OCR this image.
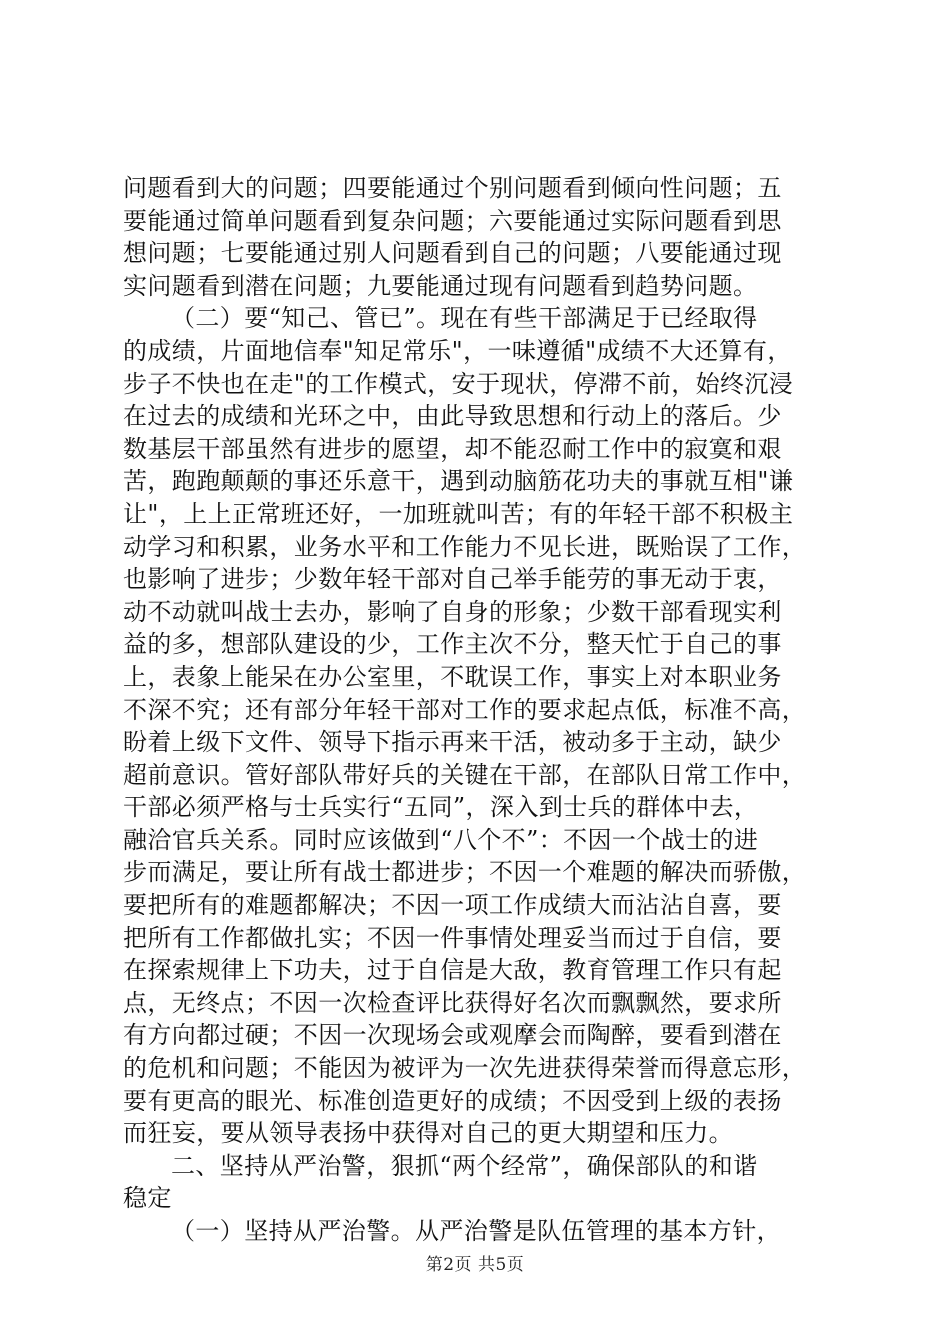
问题看到大的问题；四要能通过个别问题看到倾向性问题；五
要能通过简单问题看到复杂问题；六要能通过实际问题看到思
想问题；七要能通过别人问题看到自己的问题；八要能通过现
实问题看到潜在问题；九要能通过现有问题看到趋势问题。
（二）要“知己、管已”。现在有些干部满足于已经取得
的成绩，片面地信奉"知足常乐"，一味遵循"成绩不大还算有，
步子不快也在走"的工作模式，安于现状，停滞不前，始终沉浸
在过去的成绩和光环之中，由此导致思想和行动上的落后。少
数基层干部虽然有进步的愿望，却不能忍耐工作中的寂寞和艰
苦，跑跑颠颠的事还乐意干，遇到动脑筋花功夫的事就互相"谦
让"，上上正常班还好，一加班就叫苦；有的年轻干部不积极主
动学习和积累，业务水平和工作能力不见长进，既贻误了工作，
也影响了进步；少数年轻干部对自己举手能劳的事无动于衷，
动不动就叫战士去办，影响了自身的形象；少数干部看现实利
益的多，想部队建设的少，工作主次不分，整天忙于自己的事
上，表象上能呆在办公室里，不耽误工作，事实上对本职业务
不深不究；还有部分年轻干部对工作的要求起点低，标准不高，
盼着上级下文件、领导下指示再来干活，被动多于主动，缺少
超前意识。管好部队带好兵的关键在干部，在部队日常工作中，
干部必须严格与士兵实行“五同”，深入到士兵的群体中去，
融洽官兵关系。同时应该做到“八个不”：不因一个战士的进
步而满足，要让所有战士都进步；不因一个难题的解决而骄傲，
要把所有的难题都解决；不因一项工作成绩大而沾沾自喜，要
把所有工作都做扎实；不因一件事情处理妥当而过于自信，要
在探索规律上下功夫，过于自信是大敌，教育管理工作只有起
点，无终点；不因一次检查评比获得好名次而飘飘然，要求所
有方向都过硬；不因一次现场会或观摩会而陶醉，要看到潜在
的危机和问题；不能因为被评为一次先进获得荣誉而得意忘形，
要有更高的眼光、标准创造更好的成绩；不因受到上级的表扬
而狂妄，要从领导表扬中获得对自己的更大期望和压力。
二、坚持从严治警，狠抓“两个经常”，确保部队的和谐
稳定
（一）坚持从严治警。从严治警是队伍管理的基本方针，
第2页 共5页
